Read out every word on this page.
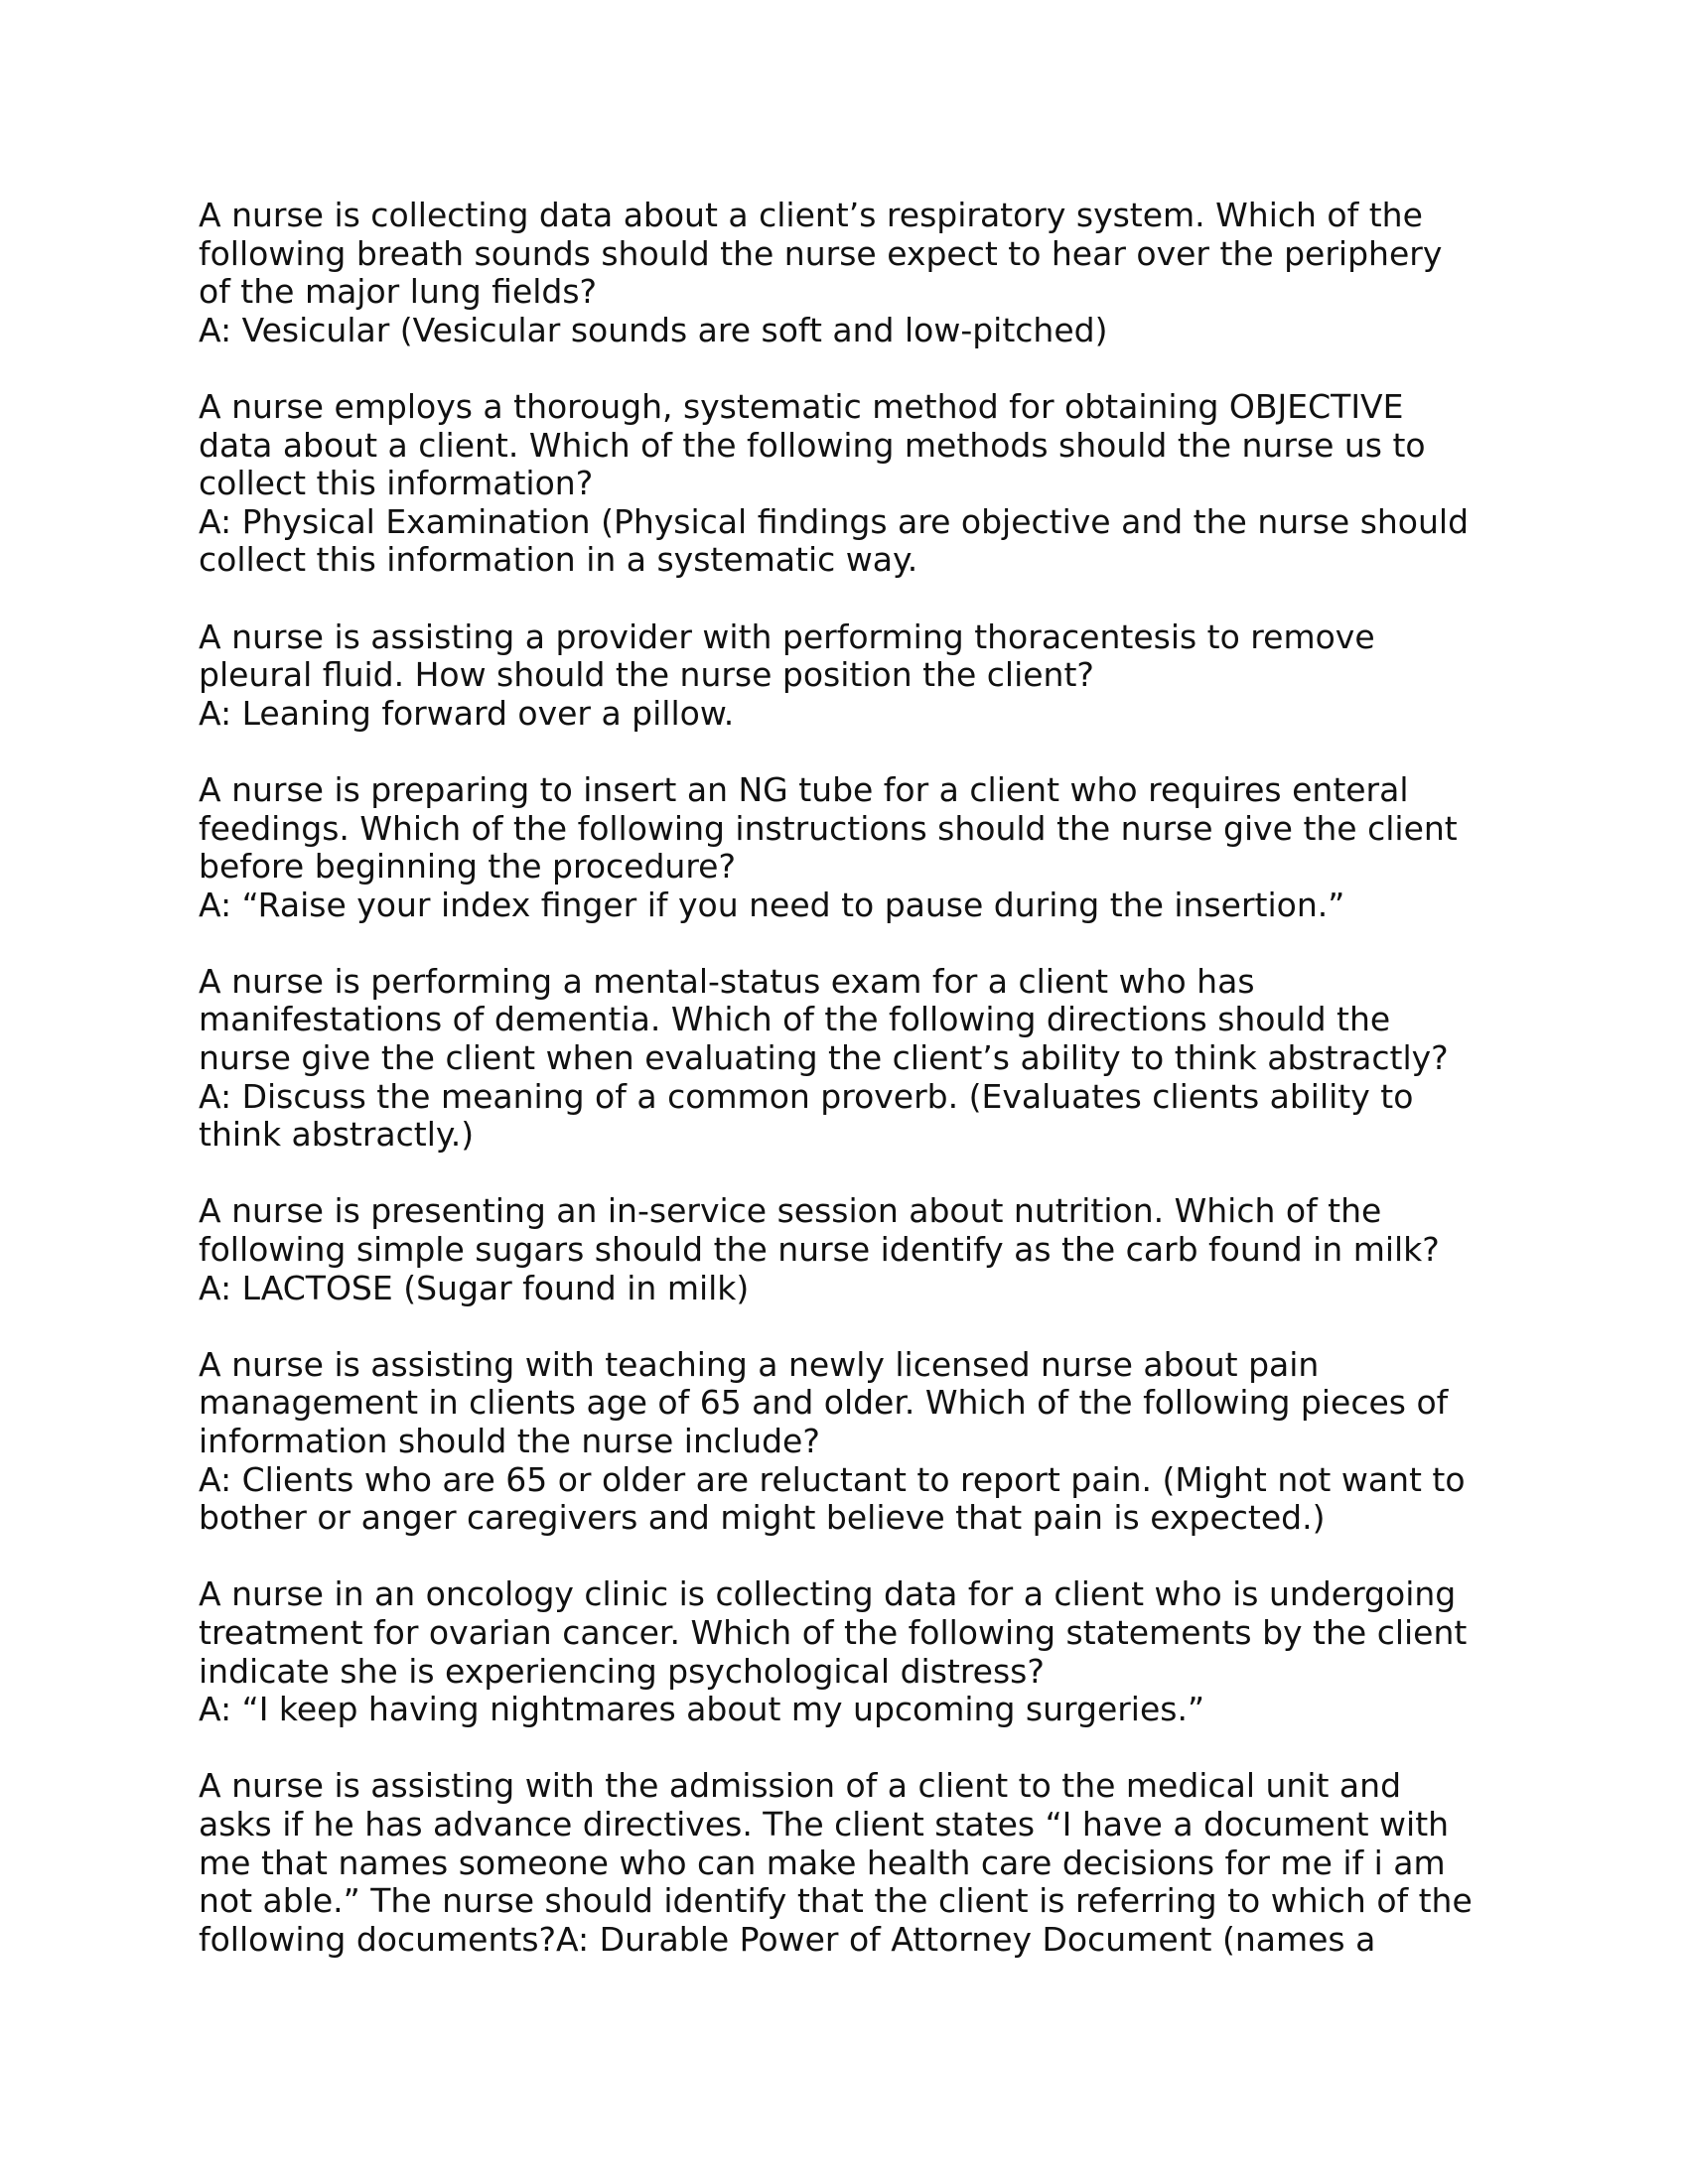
A nurse is collecting data about a client’s respiratory system. Which of the
following breath sounds should the nurse expect to hear over the periphery
of the major lung fields?
A: Vesicular (Vesicular sounds are soft and low-pitched)
A nurse employs a thorough, systematic method for obtaining OBJECTIVE
data about a client. Which of the following methods should the nurse us to
collect this information?
A: Physical Examination (Physical findings are objective and the nurse should
collect this information in a systematic way.
A nurse is assisting a provider with performing thoracentesis to remove
pleural fluid. How should the nurse position the client?
A: Leaning forward over a pillow.
A nurse is preparing to insert an NG tube for a client who requires enteral
feedings. Which of the following instructions should the nurse give the client
before beginning the procedure?
A: “Raise your index finger if you need to pause during the insertion.”
A nurse is performing a mental-status exam for a client who has
manifestations of dementia. Which of the following directions should the
nurse give the client when evaluating the client’s ability to think abstractly?
A: Discuss the meaning of a common proverb. (Evaluates clients ability to
think abstractly.)
A nurse is presenting an in-service session about nutrition. Which of the
following simple sugars should the nurse identify as the carb found in milk?
A: LACTOSE (Sugar found in milk)
A nurse is assisting with teaching a newly licensed nurse about pain
management in clients age of 65 and older. Which of the following pieces of
information should the nurse include?
A: Clients who are 65 or older are reluctant to report pain. (Might not want to
bother or anger caregivers and might believe that pain is expected.)
A nurse in an oncology clinic is collecting data for a client who is undergoing
treatment for ovarian cancer. Which of the following statements by the client
indicate she is experiencing psychological distress?
A: “I keep having nightmares about my upcoming surgeries.”
A nurse is assisting with the admission of a client to the medical unit and
asks if he has advance directives. The client states “I have a document with
me that names someone who can make health care decisions for me if i am
not able.” The nurse should identify that the client is referring to which of the
following documents?A: Durable Power of Attorney Document (names a
